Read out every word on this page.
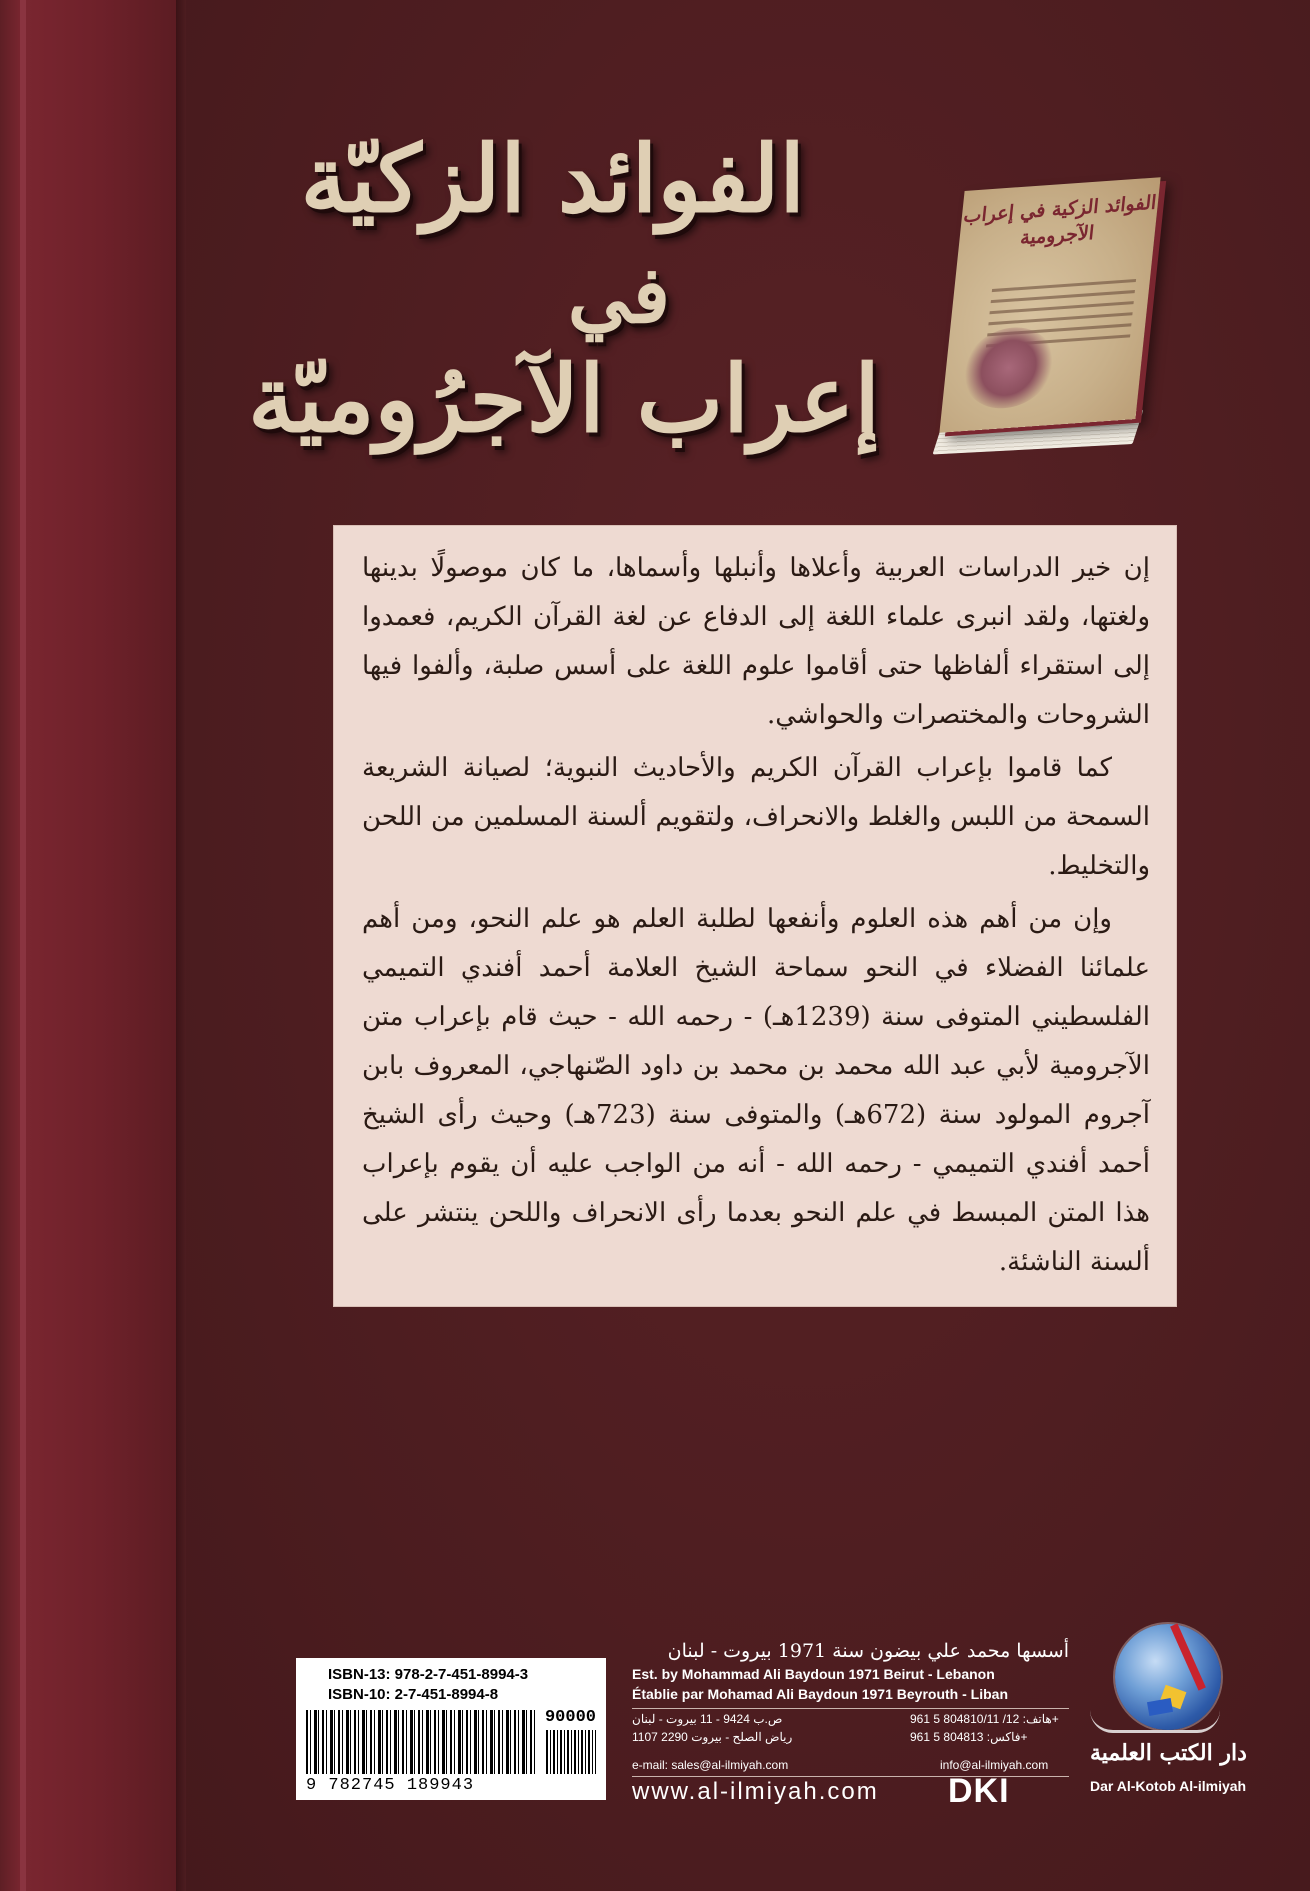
الفوائد الزكيّة
في
إعراب الآجرُوميّة
الفوائد الزكية في إعراب الآجرومية

إن خير الدراسات العربية وأعلاها وأنبلها وأسماها، ما كان موصولًا بدينها ولغتها، ولقد انبرى علماء اللغة إلى الدفاع عن لغة القرآن الكريم، فعمدوا إلى استقراء ألفاظها حتى أقاموا علوم اللغة على أسس صلبة، وألفوا فيها الشروحات والمختصرات والحواشي.

كما قاموا بإعراب القرآن الكريم والأحاديث النبوية؛ لصيانة الشريعة السمحة من اللبس والغلط والانحراف، ولتقويم ألسنة المسلمين من اللحن والتخليط.

وإن من أهم هذه العلوم وأنفعها لطلبة العلم هو علم النحو، ومن أهم علمائنا الفضلاء في النحو سماحة الشيخ العلامة أحمد أفندي التميمي الفلسطيني المتوفى سنة (1239هـ) - رحمه الله - حيث قام بإعراب متن الآجرومية لأبي عبد الله محمد بن محمد بن داود الصّنهاجي، المعروف بابن آجروم المولود سنة (672هـ) والمتوفى سنة (723هـ) وحيث رأى الشيخ أحمد أفندي التميمي - رحمه الله - أنه من الواجب عليه أن يقوم بإعراب هذا المتن المبسط في علم النحو بعدما رأى الانحراف واللحن ينتشر على ألسنة الناشئة.

ISBN-13: 978-2-7-451-8994-3
ISBN-10: 2-7-451-8994-8
90000
9 782745 189943
أسسها محمد علي بيضون سنة 1971 بيروت - لبنان
Est. by Mohammad Ali Baydoun 1971 Beirut - Lebanon
Établie par Mohamad Ali Baydoun 1971 Beyrouth - Liban
ص.ب 9424 - 11 بيروت - لبنان
رياض الصلح - بيروت 2290 1107
هاتف: 12/ 804810/11 5 961+
فاكس: 804813 5 961+
e-mail: sales@al-ilmiyah.com	info@al-ilmiyah.com
www.al-ilmiyah.com DKI
دار الكتب العلمية
Dar Al-Kotob Al-ilmiyah
